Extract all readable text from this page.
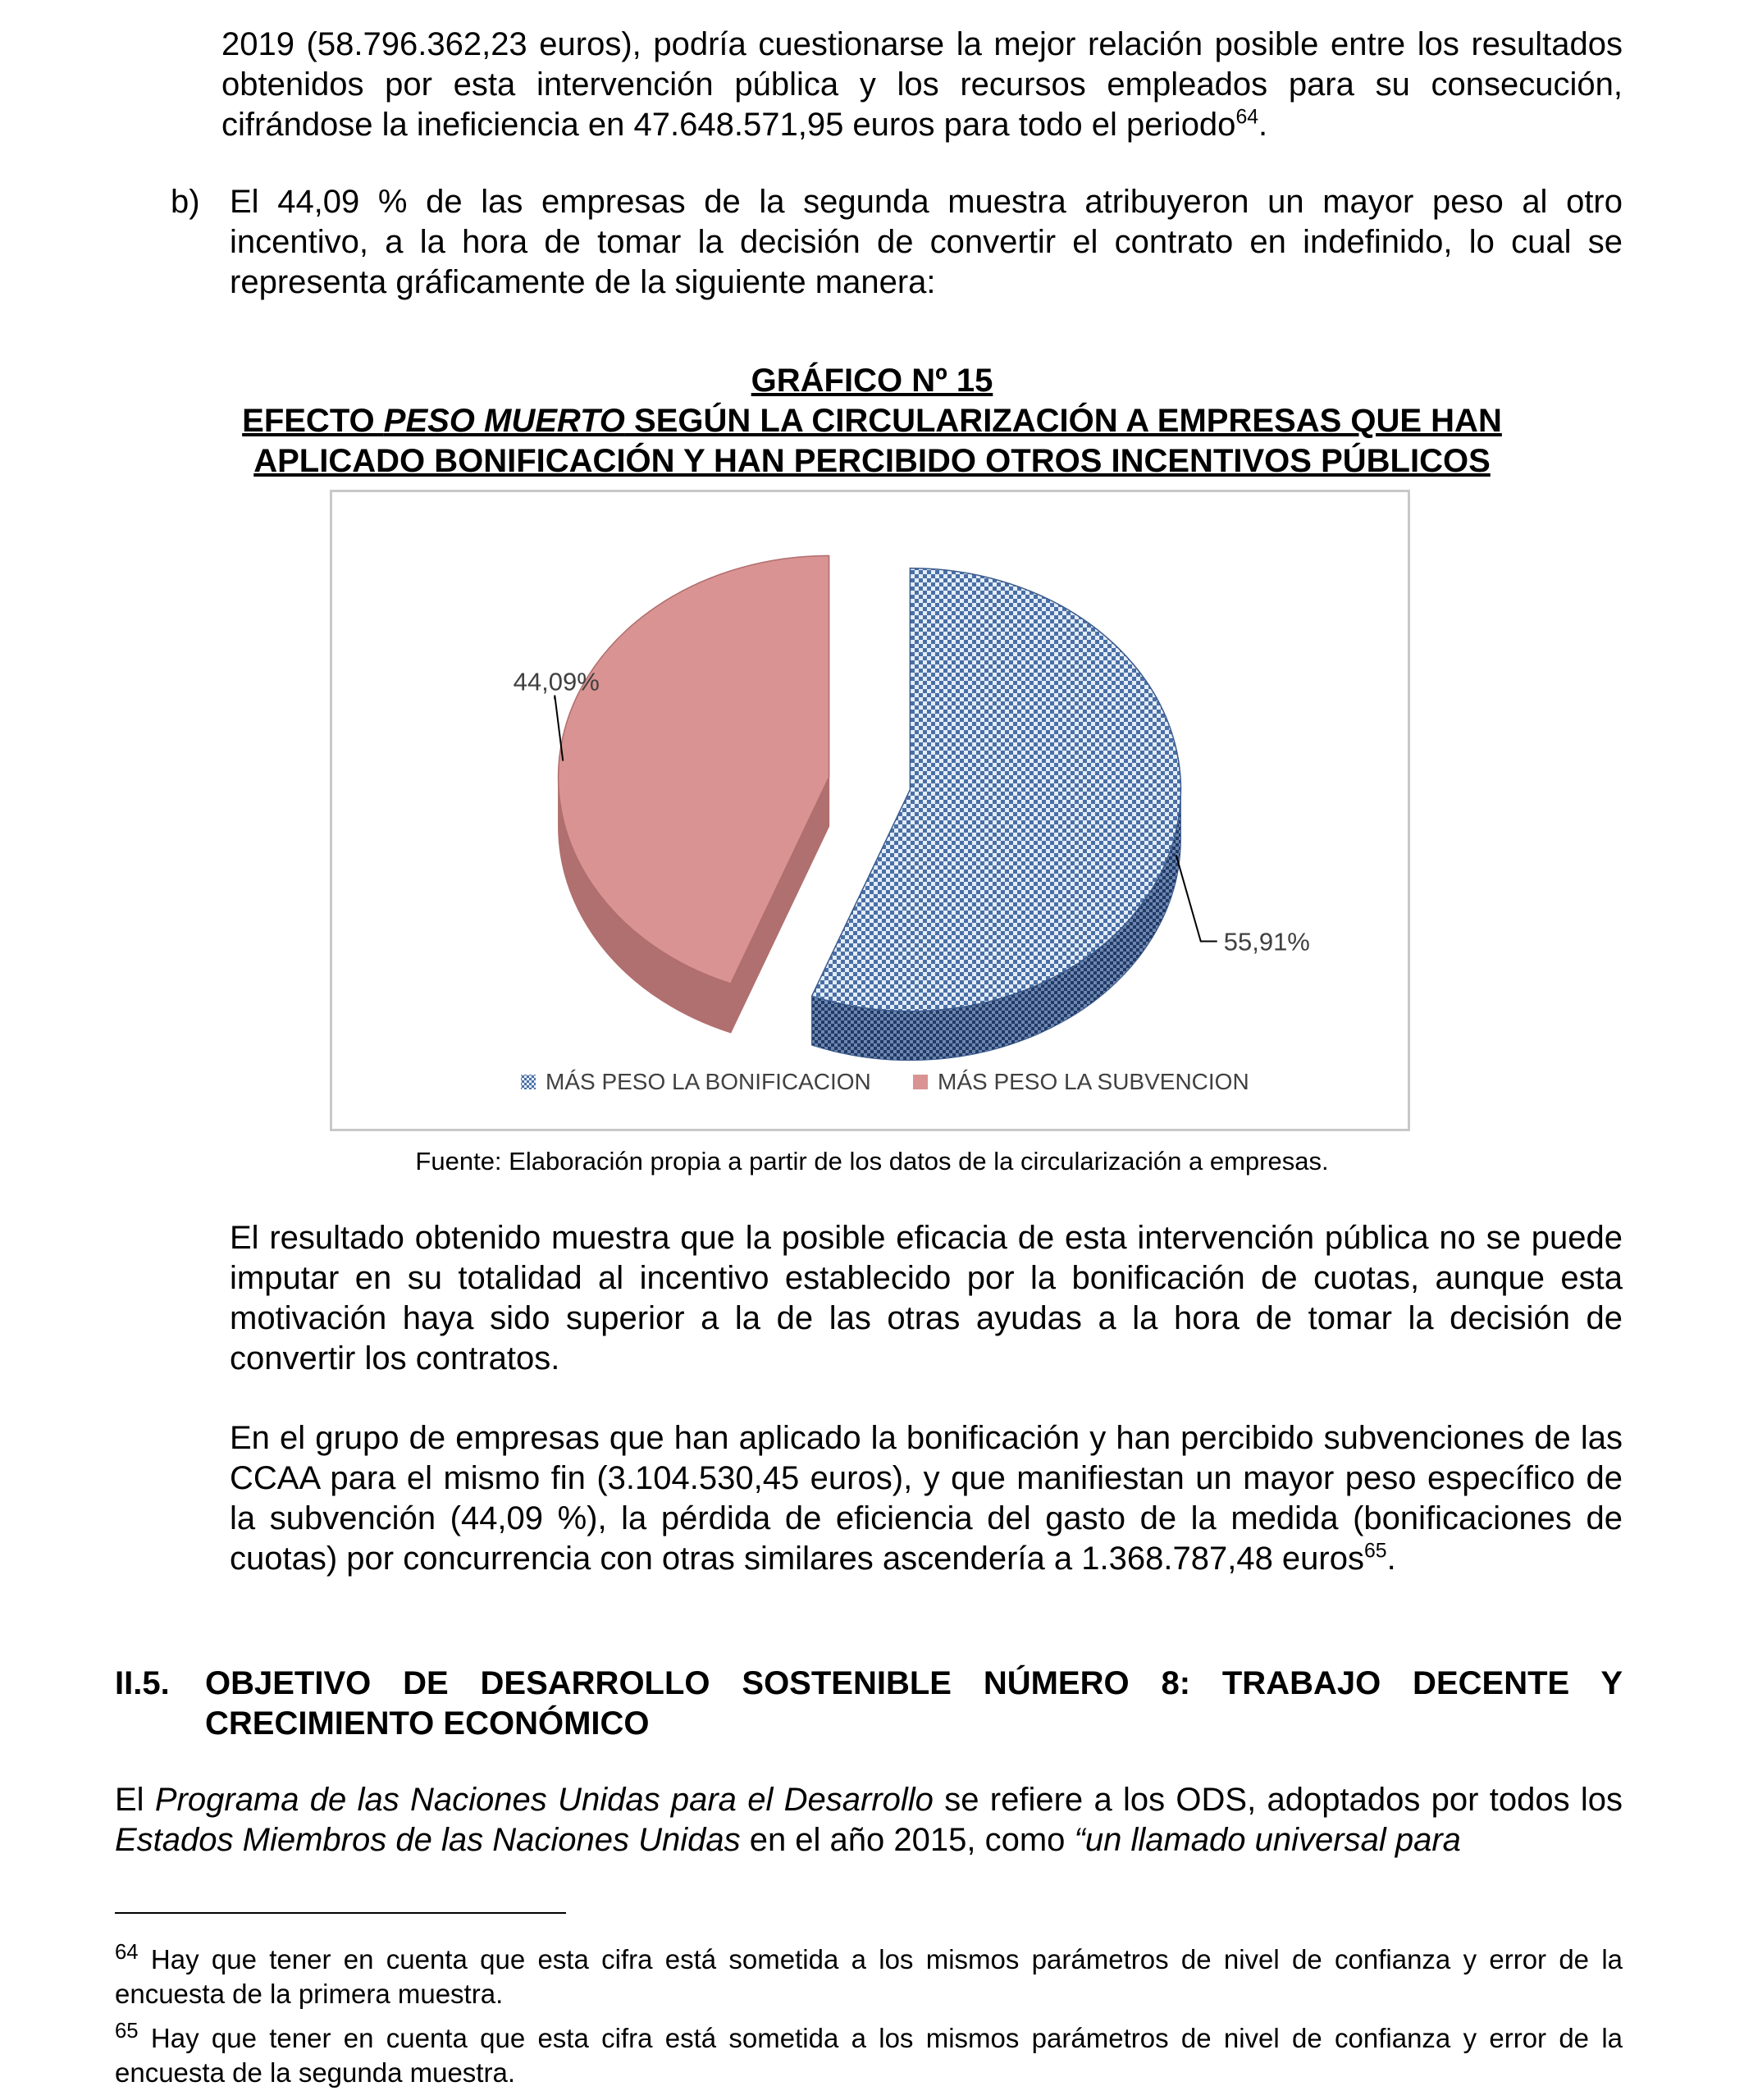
2019 (58.796.362,23 euros), podría cuestionarse la mejor relación posible entre los resultados obtenidos por esta intervención pública y los recursos empleados para su consecución, cifrándose la ineficiencia en 47.648.571,95 euros para todo el periodo$^{64}$.

b) El 44,09 % de las empresas de la segunda muestra atribuyeron un mayor peso al otro incentivo, a la hora de tomar la decisión de convertir el contrato en indefinido, lo cual se representa gráficamente de la siguiente manera:

GRÁFICO Nº 15
EFECTO PESO MUERTO SEGÚN LA CIRCULARIZACIÓN A EMPRESAS QUE HAN
APLICADO BONIFICACIÓN Y HAN PERCIBIDO OTROS INCENTIVOS PÚBLICOS
55,91%
44,09%
MÁS PESO LA BONIFICACION	MÁS PESO LA SUBVENCION
Fuente: Elaboración propia a partir de los datos de la circularización a empresas.

El resultado obtenido muestra que la posible eficacia de esta intervención pública no se puede imputar en su totalidad al incentivo establecido por la bonificación de cuotas, aunque esta motivación haya sido superior a la de las otras ayudas a la hora de tomar la decisión de convertir los contratos.

En el grupo de empresas que han aplicado la bonificación y han percibido subvenciones de las CCAA para el mismo fin (3.104.530,45 euros), y que manifiestan un mayor peso específico de la subvención (44,09 %), la pérdida de eficiencia del gasto de la medida (bonificaciones de cuotas) por concurrencia con otras similares ascendería a 1.368.787,48 euros$^{65}$.

II.5. OBJETIVO DE DESARROLLO SOSTENIBLE NÚMERO 8: TRABAJO DECENTE Y CRECIMIENTO ECONÓMICO

El Programa de las Naciones Unidas para el Desarrollo se refiere a los ODS, adoptados por todos los Estados Miembros de las Naciones Unidas en el año 2015, como “un llamado universal para

$^{64}$ Hay que tener en cuenta que esta cifra está sometida a los mismos parámetros de nivel de confianza y error de la encuesta de la primera muestra.

$^{65}$ Hay que tener en cuenta que esta cifra está sometida a los mismos parámetros de nivel de confianza y error de la encuesta de la segunda muestra.
